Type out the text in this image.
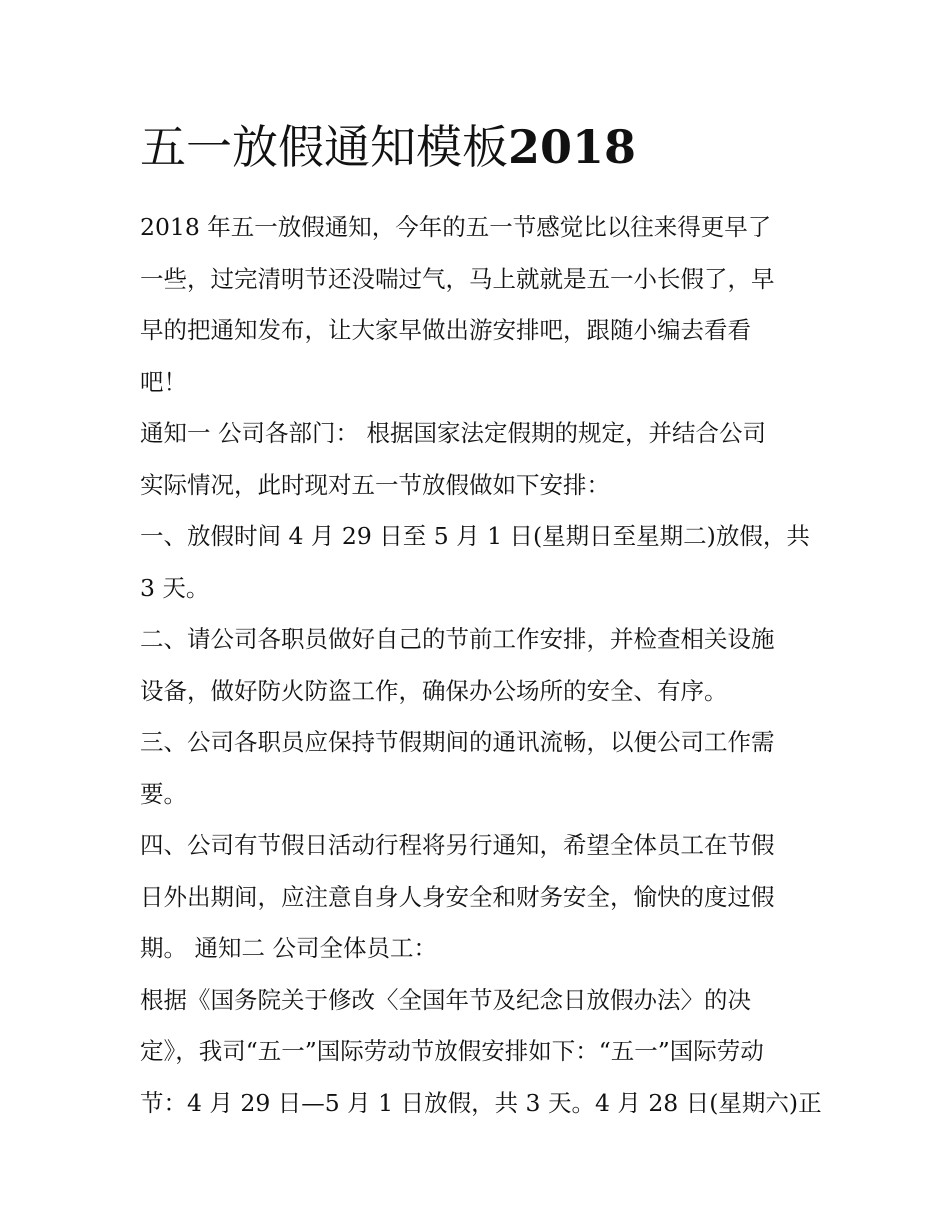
五一放假通知模板2018

2018 年五一放假通知，今年的五一节感觉比以往来得更早了

一些，过完清明节还没喘过气，马上就就是五一小长假了，早

早的把通知发布，让大家早做出游安排吧，跟随小编去看看

吧！

通知一 公司各部门： 根据国家法定假期的规定，并结合公司

实际情况，此时现对五一节放假做如下安排：

一、放假时间 4 月 29 日至 5 月 1 日(星期日至星期二)放假，共

3 天。

二、请公司各职员做好自己的节前工作安排，并检查相关设施

设备，做好防火防盗工作，确保办公场所的安全、有序。

三、公司各职员应保持节假期间的通讯流畅，以便公司工作需

要。

四、公司有节假日活动行程将另行通知，希望全体员工在节假

日外出期间，应注意自身人身安全和财务安全，愉快的度过假

期。 通知二 公司全体员工：

根据《国务院关于修改〈全国年节及纪念日放假办法〉的决

定》，我司“五一”国际劳动节放假安排如下：“五一”国际劳动

节：4 月 29 日—5 月 1 日放假，共 3 天。4 月 28 日(星期六)正
